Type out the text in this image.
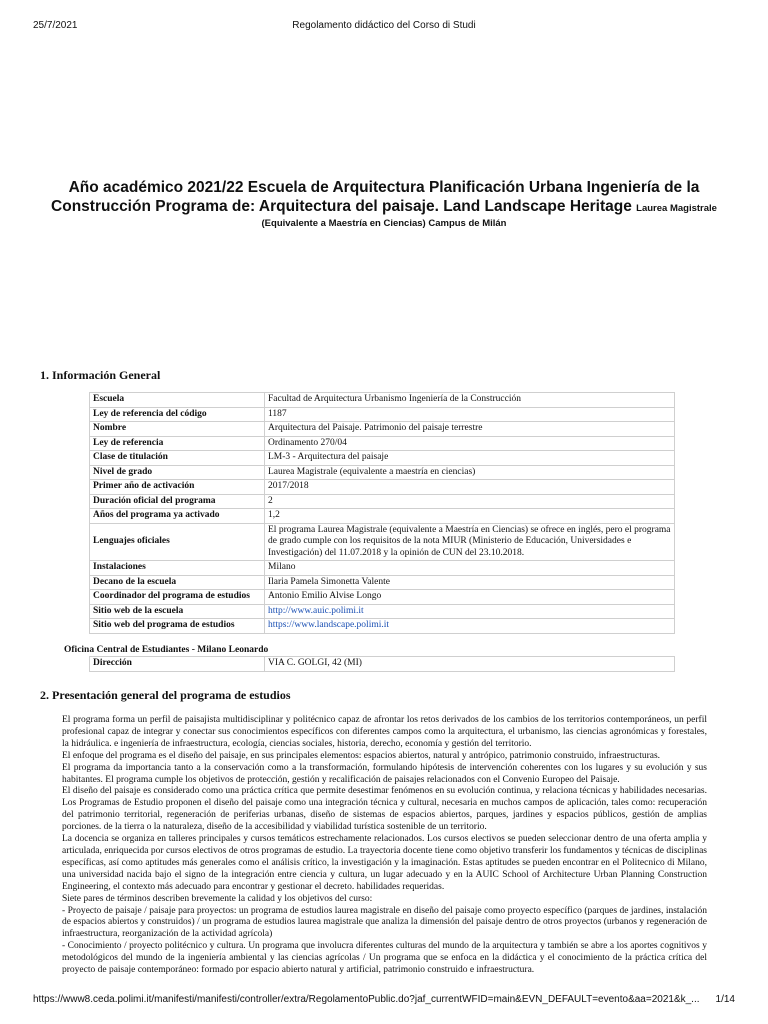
25/7/2021	Regolamento didáctico del Corso di Studi
Año académico 2021/22 Escuela de Arquitectura Planificación Urbana Ingeniería de la Construcción Programa de: Arquitectura del paisaje. Land Landscape Heritage Laurea Magistrale
(Equivalente a Maestría en Ciencias) Campus de Milán
1. Información General
Escuela	Facultad de Arquitectura Urbanismo Ingeniería de la Construcción
Ley de referencia del código	1187
Nombre	Arquitectura del Paisaje. Patrimonio del paisaje terrestre
Ley de referencia	Ordinamento 270/04
Clase de titulación	LM-3 - Arquitectura del paisaje
Nivel de grado	Laurea Magistrale (equivalente a maestría en ciencias)
Primer año de activación	2017/2018
Duración oficial del programa	2
Años del programa ya activado	1,2
Lenguajes oficiales	El programa Laurea Magistrale (equivalente a Maestría en Ciencias) se ofrece en inglés, pero el programa de grado cumple con los requisitos de la nota MIUR (Ministerio de Educación, Universidades e Investigación) del 11.07.2018 y la opinión de CUN del 23.10.2018.
Instalaciones	Milano
Decano de la escuela	Ilaria Pamela Simonetta Valente
Coordinador del programa de estudios	Antonio Emilio Alvise Longo
Sitio web de la escuela	http://www.auic.polimi.it
Sitio web del programa de estudios	https://www.landscape.polimi.it
Oficina Central de Estudiantes - Milano Leonardo
Dirección	VIA C. GOLGI, 42 (MI)
2. Presentación general del programa de estudios

El programa forma un perfil de paisajista multidisciplinar y politécnico capaz de afrontar los retos derivados de los cambios de los territorios contemporáneos, un perfil profesional capaz de integrar y conectar sus conocimientos específicos con diferentes campos como la arquitectura, el urbanismo, las ciencias agronómicas y forestales, la hidráulica. e ingeniería de infraestructura, ecología, ciencias sociales, historia, derecho, economía y gestión del territorio.

El enfoque del programa es el diseño del paisaje, en sus principales elementos: espacios abiertos, natural y antrópico, patrimonio construido, infraestructuras.

El programa da importancia tanto a la conservación como a la transformación, formulando hipótesis de intervención coherentes con los lugares y su evolución y sus habitantes. El programa cumple los objetivos de protección, gestión y recalificación de paisajes relacionados con el Convenio Europeo del Paisaje.

El diseño del paisaje es considerado como una práctica crítica que permite desestimar fenómenos en su evolución continua, y relaciona técnicas y habilidades necesarias. Los Programas de Estudio proponen el diseño del paisaje como una integración técnica y cultural, necesaria en muchos campos de aplicación, tales como: recuperación del patrimonio territorial, regeneración de periferias urbanas, diseño de sistemas de espacios abiertos, parques, jardines y espacios públicos, gestión de amplias porciones. de la tierra o la naturaleza, diseño de la accesibilidad y viabilidad turística sostenible de un territorio.

La docencia se organiza en talleres principales y cursos temáticos estrechamente relacionados. Los cursos electivos se pueden seleccionar dentro de una oferta amplia y articulada, enriquecida por cursos electivos de otros programas de estudio. La trayectoria docente tiene como objetivo transferir los fundamentos y técnicas de disciplinas específicas, así como aptitudes más generales como el análisis crítico, la investigación y la imaginación. Estas aptitudes se pueden encontrar en el Politecnico di Milano, una universidad nacida bajo el signo de la integración entre ciencia y cultura, un lugar adecuado y en la AUIC School of Architecture Urban Planning Construction Engineering, el contexto más adecuado para encontrar y gestionar el decreto. habilidades requeridas.

Siete pares de términos describen brevemente la calidad y los objetivos del curso:

- Proyecto de paisaje / paisaje para proyectos: un programa de estudios laurea magistrale en diseño del paisaje como proyecto específico (parques de jardines, instalación de espacios abiertos y construidos) / un programa de estudios laurea magistrale que analiza la dimensión del paisaje dentro de otros proyectos (urbanos y regeneración de infraestructura, reorganización de la actividad agrícola)

- Conocimiento / proyecto politécnico y cultura. Un programa que involucra diferentes culturas del mundo de la arquitectura y también se abre a los aportes cognitivos y metodológicos del mundo de la ingeniería ambiental y las ciencias agrícolas / Un programa que se enfoca en la didáctica y el conocimiento de la práctica crítica del proyecto de paisaje contemporáneo: formado por espacio abierto natural y artificial, patrimonio construido e infraestructura.

https://www8.ceda.polimi.it/manifesti/manifesti/controller/extra/RegolamentoPublic.do?jaf_currentWFID=main&EVN_DEFAULT=evento&aa=2021&k_...	1/14
